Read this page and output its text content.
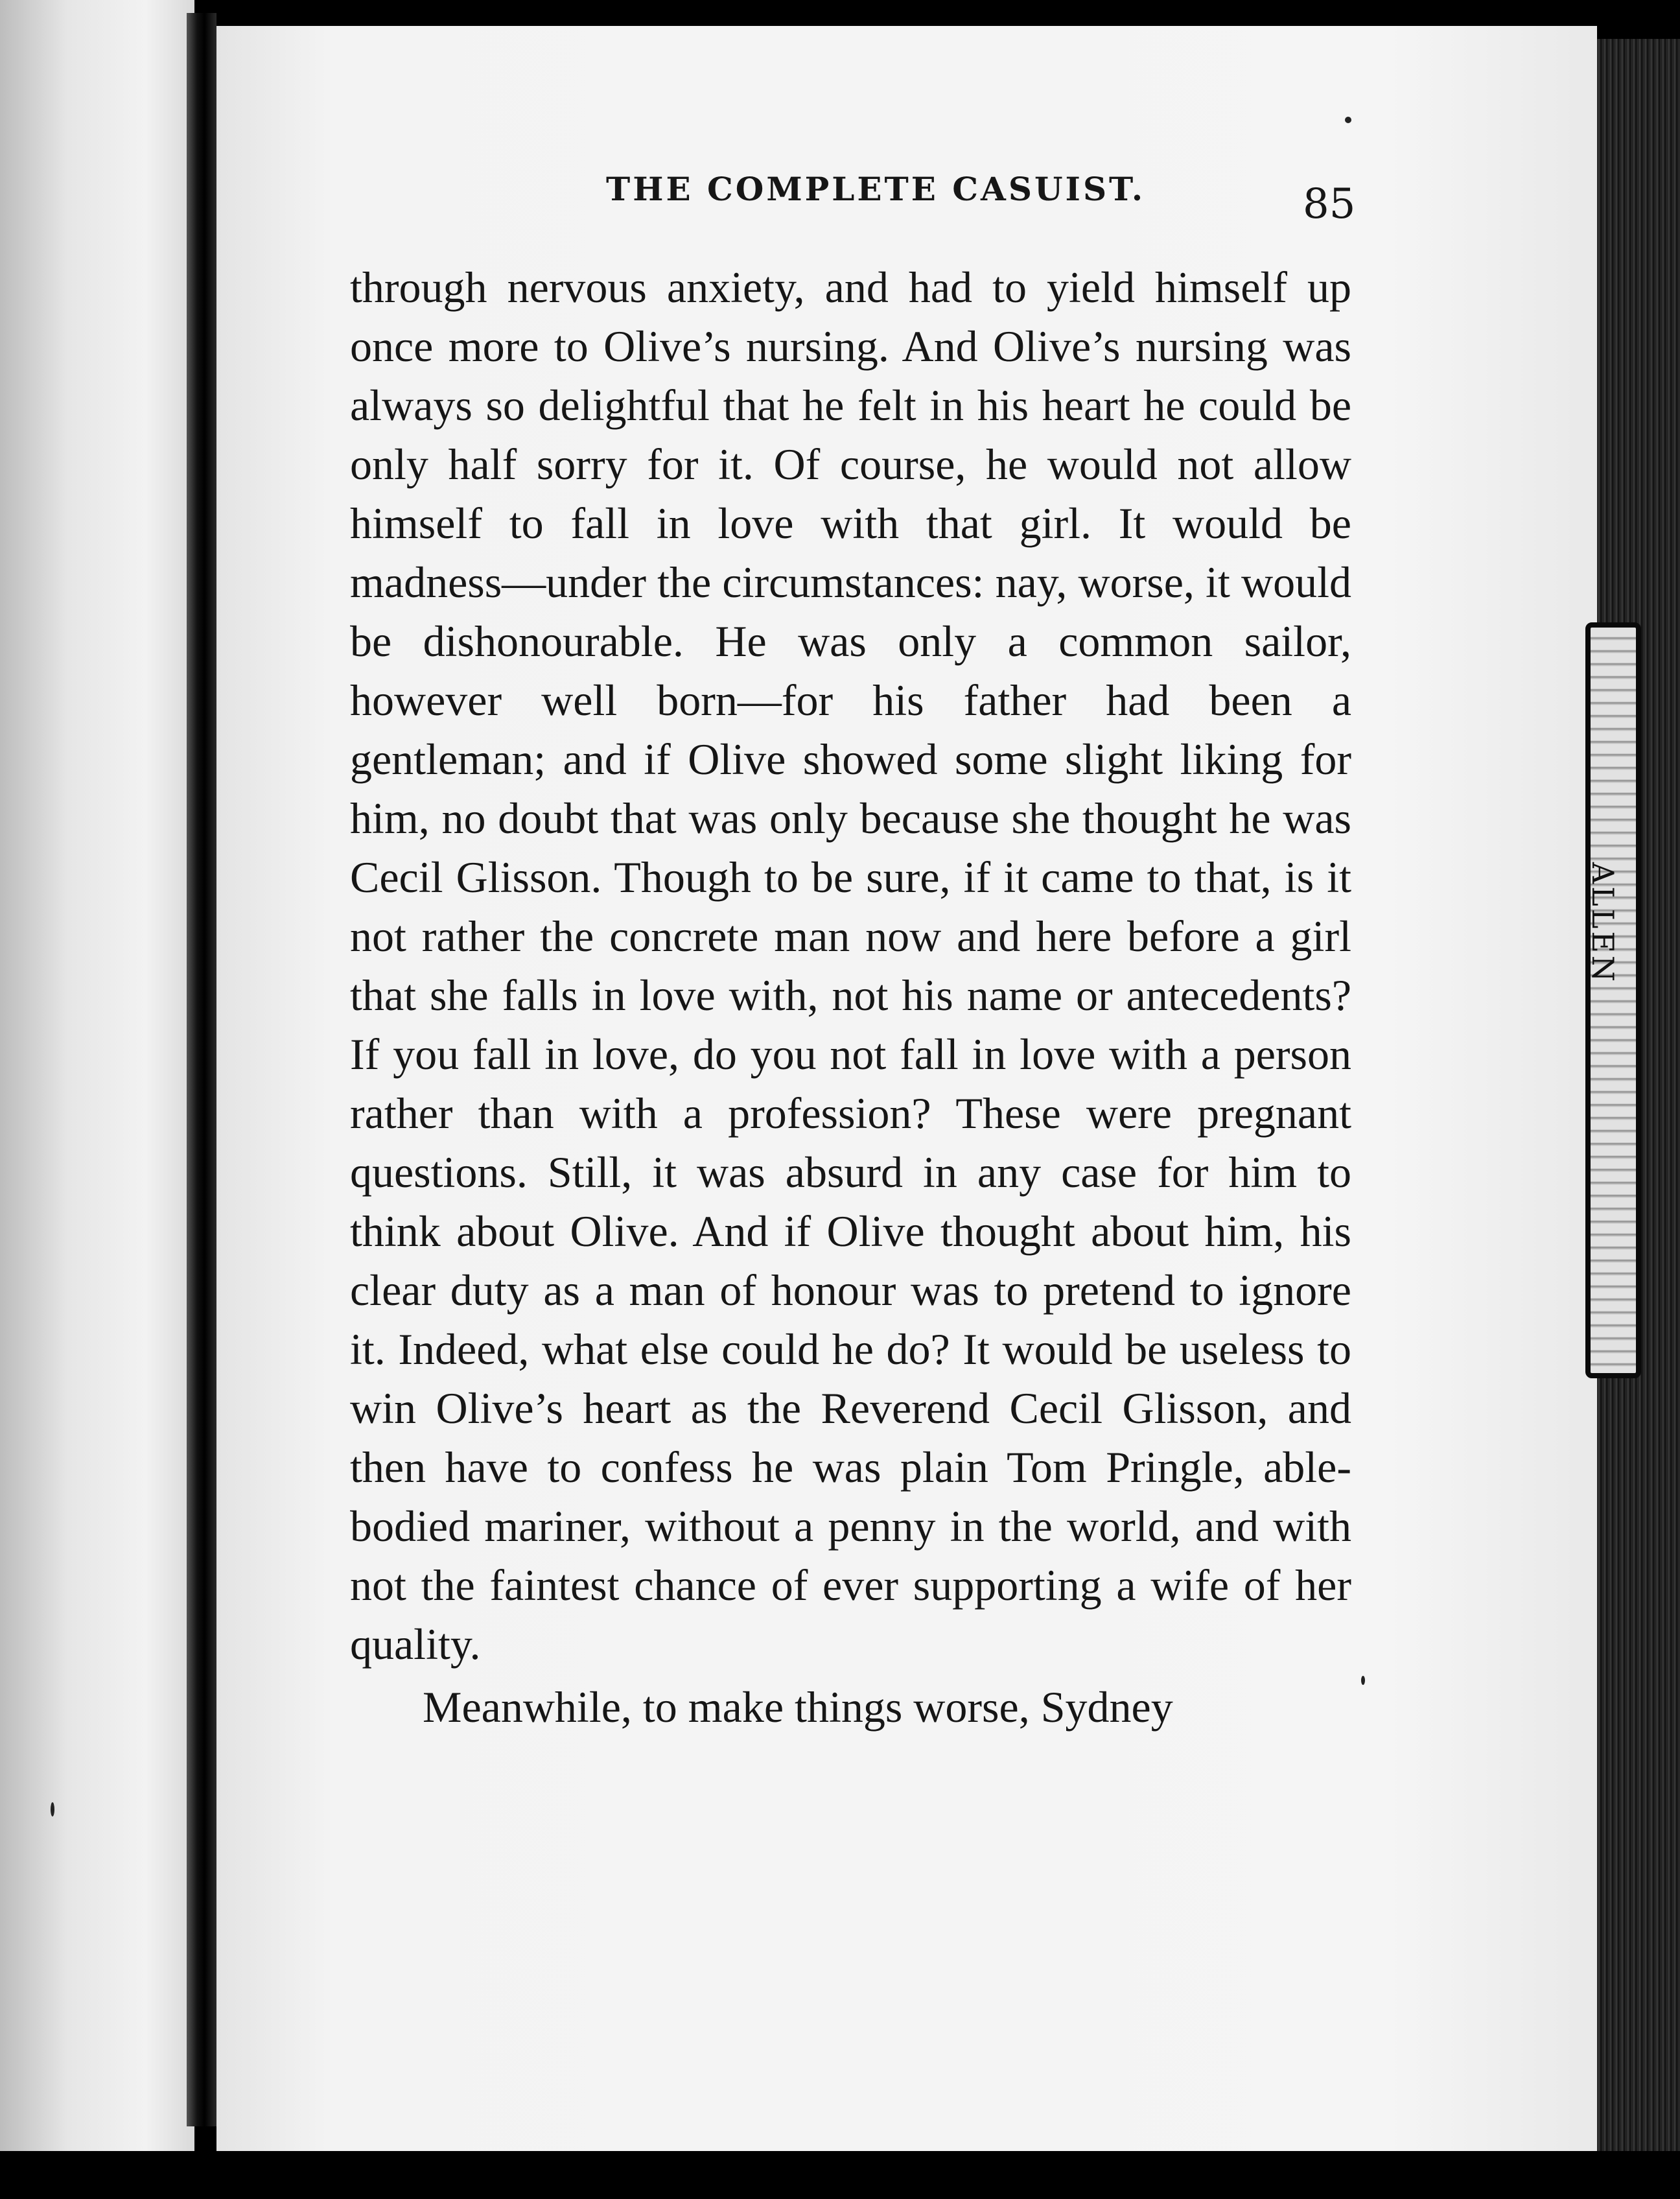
ALLEN
THE COMPLETE CASUIST.	85

through nervous anxiety, and had to yield himself up once more to Olive’s nursing. And Olive’s nursing was always so delightful that he felt in his heart he could be only half sorry for it. Of course, he would not allow himself to fall in love with that girl. It would be madness—under the circumstances: nay, worse, it would be dishonourable. He was only a common sailor, however well born—for his father had been a gentleman; and if Olive showed some slight liking for him, no doubt that was only because she thought he was Cecil Glisson. Though to be sure, if it came to that, is it not rather the concrete man now and here before a girl that she falls in love with, not his name or antecedents? If you fall in love, do you not fall in love with a person rather than with a profession? These were pregnant questions. Still, it was absurd in any case for him to think about Olive. And if Olive thought about him, his clear duty as a man of honour was to pretend to ignore it. Indeed, what else could he do? It would be useless to win Olive’s heart as the Reverend Cecil Glisson, and then have to confess he was plain Tom Pringle, able-bodied mariner, without a penny in the world, and with not the faintest chance of ever supporting a wife of her quality.

Meanwhile, to make things worse, Sydney
